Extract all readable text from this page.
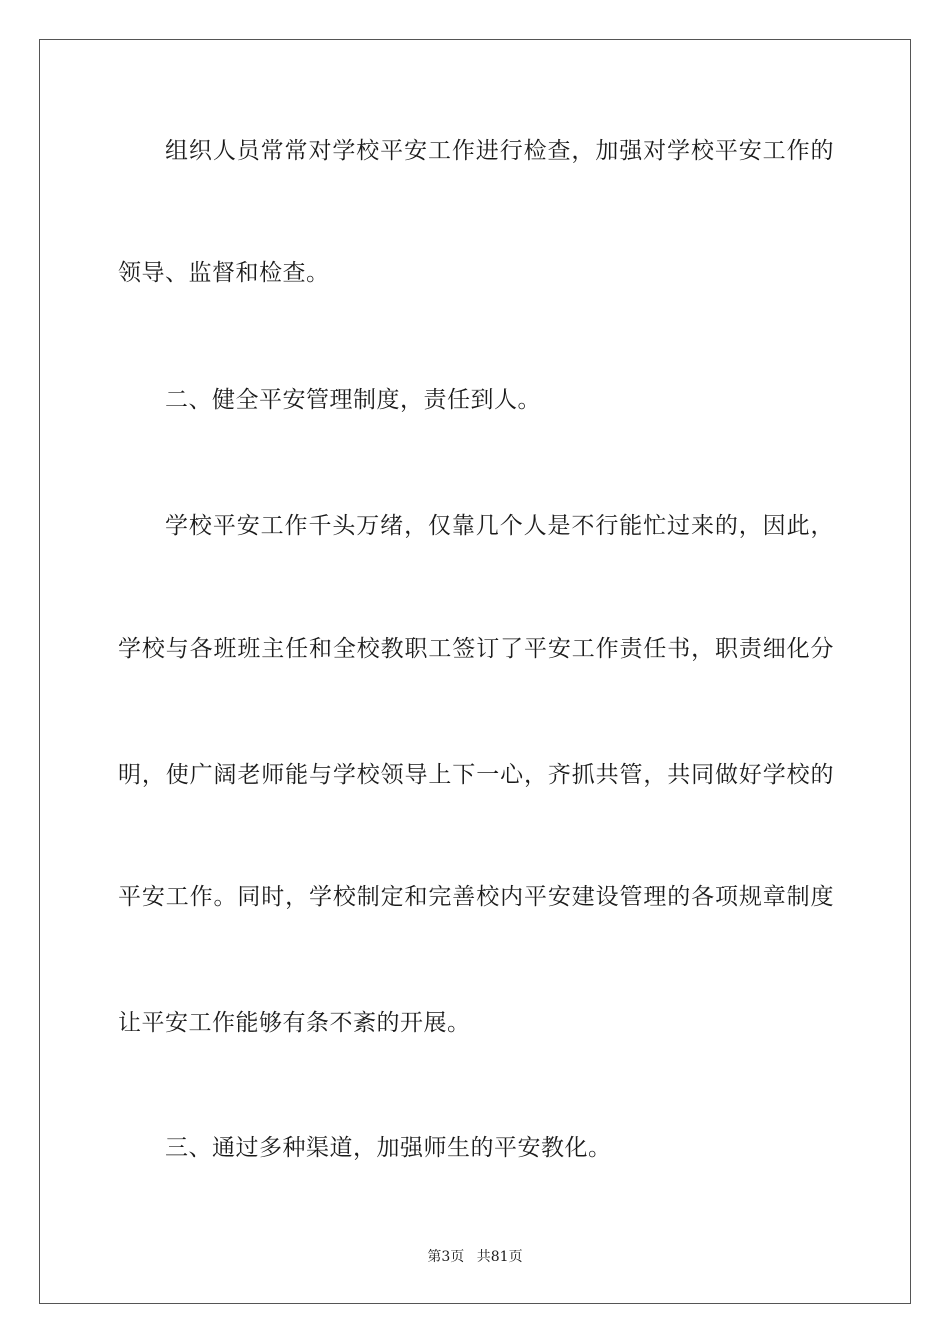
组织人员常常对学校平安工作进行检查，加强对学校平安工作的
领导、监督和检查。
二、健全平安管理制度，责任到人。
学校平安工作千头万绪，仅靠几个人是不行能忙过来的，因此，
学校与各班班主任和全校教职工签订了平安工作责任书，职责细化分
明，使广阔老师能与学校领导上下一心，齐抓共管，共同做好学校的
平安工作。同时，学校制定和完善校内平安建设管理的各项规章制度
让平安工作能够有条不紊的开展。
三、通过多种渠道，加强师生的平安教化。
第3页 共81页
